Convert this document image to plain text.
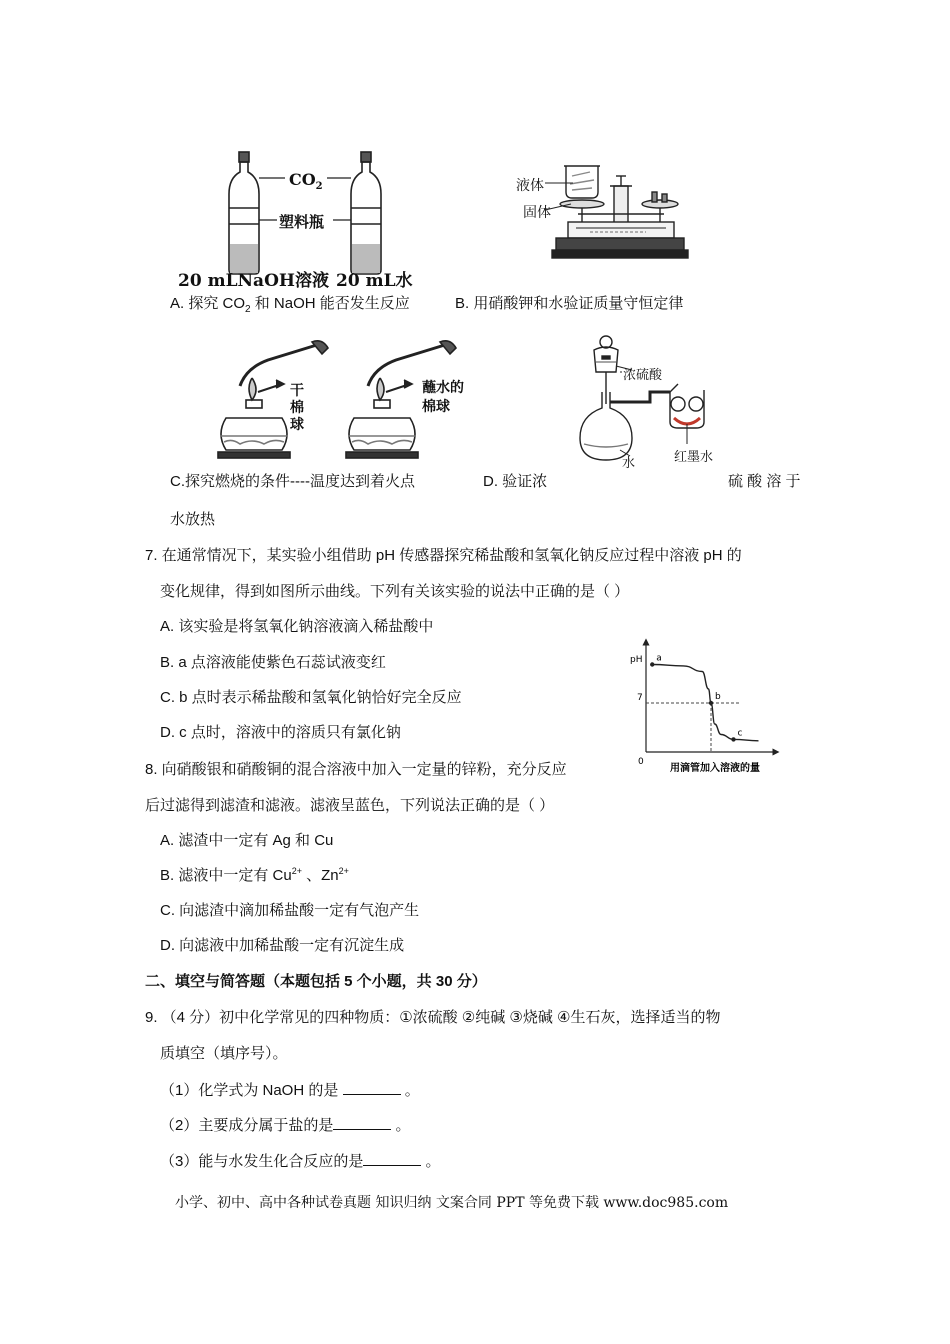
$CO_2$
塑料瓶
20 mLNaOH溶液 20 mL水
液体
固体
A. 探究 $CO_2$ 和 NaOH 能否发生反应	B. 用硝酸钾和水验证质量守恒定律
干棉球
蘸水的棉球
浓硫酸
水	红墨水
C.探究燃烧的条件----温度达到着火点	D. 验证浓	硫 酸 溶 于
水放热
7. 在通常情况下，某实验小组借助 pH 传感器探究稀盐酸和氢氧化钠反应过程中溶液 pH 的
变化规律，得到如图所示曲线。下列有关该实验的说法中正确的是（ ）
A. 该实验是将氢氧化钠溶液滴入稀盐酸中
B. a 点溶液能使紫色石蕊试液变红
C. b 点时表示稀盐酸和氢氧化钠恰好完全反应
D. c 点时，溶液中的溶质只有氯化钠
pH
0
7
用滴管加入溶液的量
a
b
c
8. 向硝酸银和硝酸铜的混合溶液中加入一定量的锌粉，充分反应
后过滤得到滤渣和滤液。滤液呈蓝色，下列说法正确的是（ ）
A. 滤渣中一定有 Ag 和 Cu
B. 滤液中一定有 $Cu^{2+}$ 、$Zn^{2+}$
C. 向滤渣中滴加稀盐酸一定有气泡产生
D. 向滤液中加稀盐酸一定有沉淀生成
二、填空与简答题（本题包括 5 个小题，共 30 分）
9. （4 分）初中化学常见的四种物质：①浓硫酸 ②纯碱 ③烧碱 ④生石灰，选择适当的物
质填空（填序号）。
（1）化学式为 NaOH 的是	。
（2）主要成分属于盐的是	。
（3）能与水发生化合反应的是	。
小学、初中、高中各种试卷真题 知识归纳 文案合同 PPT 等免费下载 www.doc985.com
